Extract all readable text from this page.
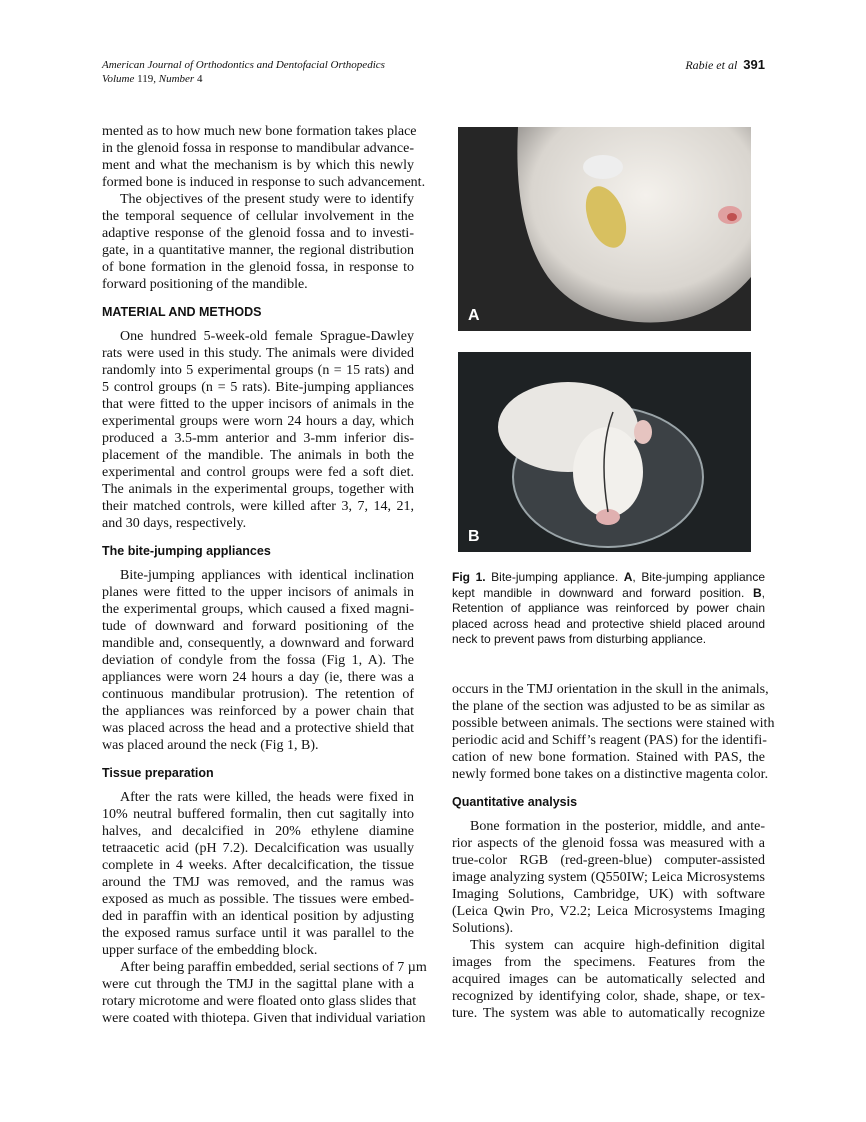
American Journal of Orthodontics and Dentofacial Orthopedics
Volume 119, Number 4
Rabie et al 391
mented as to how much new bone formation takes place
in the glenoid fossa in response to mandibular advance-
ment and what the mechanism is by which this newly
formed bone is induced in response to such advancement.
The objectives of the present study were to identify
the temporal sequence of cellular involvement in the
adaptive response of the glenoid fossa and to investi-
gate, in a quantitative manner, the regional distribution
of bone formation in the glenoid fossa, in response to
forward positioning of the mandible.
MATERIAL AND METHODS
One hundred 5-week-old female Sprague-Dawley
rats were used in this study. The animals were divided
randomly into 5 experimental groups (n = 15 rats) and
5 control groups (n = 5 rats). Bite-jumping appliances
that were fitted to the upper incisors of animals in the
experimental groups were worn 24 hours a day, which
produced a 3.5-mm anterior and 3-mm inferior dis-
placement of the mandible. The animals in both the
experimental and control groups were fed a soft diet.
The animals in the experimental groups, together with
their matched controls, were killed after 3, 7, 14, 21,
and 30 days, respectively.
The bite-jumping appliances
Bite-jumping appliances with identical inclination
planes were fitted to the upper incisors of animals in
the experimental groups, which caused a fixed magni-
tude of downward and forward positioning of the
mandible and, consequently, a downward and forward
deviation of condyle from the fossa (Fig 1, A). The
appliances were worn 24 hours a day (ie, there was a
continuous mandibular protrusion). The retention of
the appliances was reinforced by a power chain that
was placed across the head and a protective shield that
was placed around the neck (Fig 1, B).
Tissue preparation
After the rats were killed, the heads were fixed in
10% neutral buffered formalin, then cut sagitally into
halves, and decalcified in 20% ethylene diamine
tetraacetic acid (pH 7.2). Decalcification was usually
complete in 4 weeks. After decalcification, the tissue
around the TMJ was removed, and the ramus was
exposed as much as possible. The tissues were embed-
ded in paraffin with an identical position by adjusting
the exposed ramus surface until it was parallel to the
upper surface of the embedding block.
After being paraffin embedded, serial sections of 7 µm
were cut through the TMJ in the sagittal plane with a
rotary microtome and were floated onto glass slides that
were coated with thiotepa. Given that individual variation
occurs in the TMJ orientation in the skull in the animals,
the plane of the section was adjusted to be as similar as
possible between animals. The sections were stained with
periodic acid and Schiff’s reagent (PAS) for the identifi-
cation of new bone formation. Stained with PAS, the
newly formed bone takes on a distinctive magenta color.
Quantitative analysis
Bone formation in the posterior, middle, and ante-
rior aspects of the glenoid fossa was measured with a
true-color RGB (red-green-blue) computer-assisted
image analyzing system (Q550IW; Leica Microsystems
Imaging Solutions, Cambridge, UK) with software
(Leica Qwin Pro, V2.2; Leica Microsystems Imaging
Solutions).
This system can acquire high-definition digital
images from the specimens. Features from the
acquired images can be automatically selected and
recognized by identifying color, shade, shape, or tex-
ture. The system was able to automatically recognize
A
B
Fig 1. Bite-jumping appliance. A, Bite-jumping appliance
kept mandible in downward and forward position. B,
Retention of appliance was reinforced by power chain
placed across head and protective shield placed around
neck to prevent paws from disturbing appliance.
